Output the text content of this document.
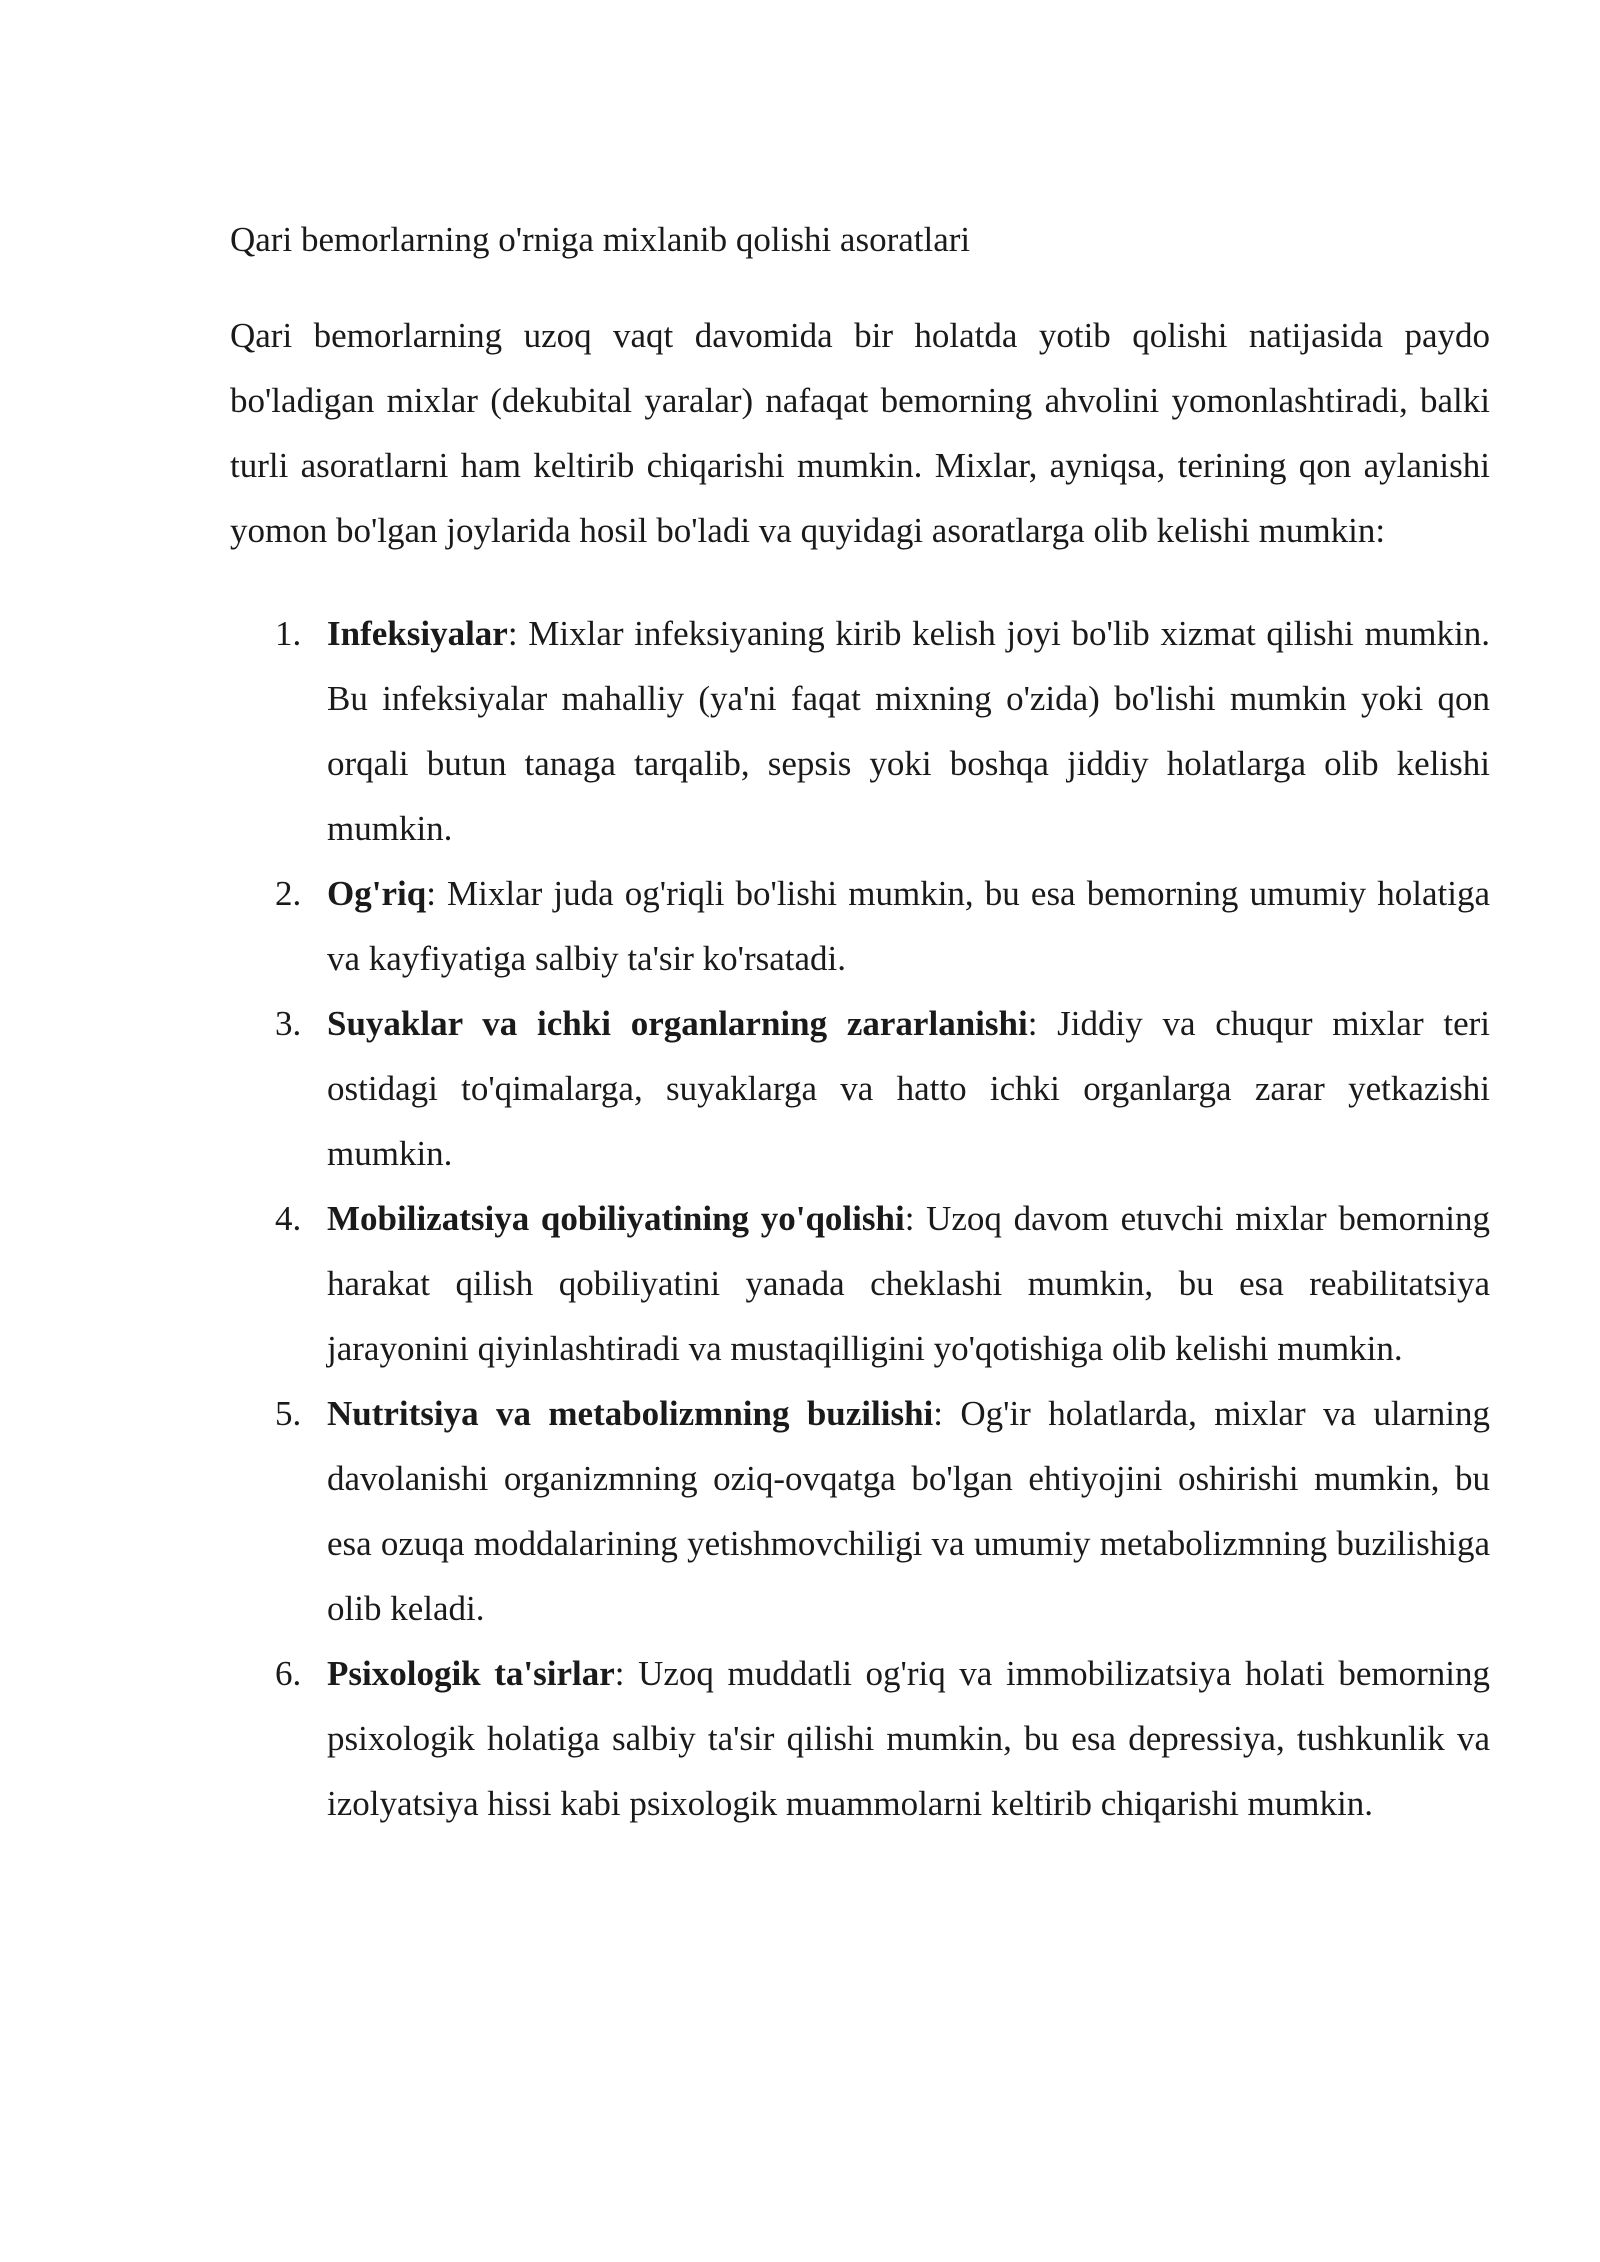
Qari bemorlarning o'rniga mixlanib qolishi asoratlari

Qari bemorlarning uzoq vaqt davomida bir holatda yotib qolishi natijasida paydo bo'ladigan mixlar (dekubital yaralar) nafaqat bemorning ahvolini yomonlashtiradi, balki turli asoratlarni ham keltirib chiqarishi mumkin. Mixlar, ayniqsa, terining qon aylanishi yomon bo'lgan joylarida hosil bo'ladi va quyidagi asoratlarga olib kelishi mumkin:

1. Infeksiyalar: Mixlar infeksiyaning kirib kelish joyi bo'lib xizmat qilishi mumkin. Bu infeksiyalar mahalliy (ya'ni faqat mixning o'zida) bo'lishi mumkin yoki qon orqali butun tanaga tarqalib, sepsis yoki boshqa jiddiy holatlarga olib kelishi mumkin.
2. Og'riq: Mixlar juda og'riqli bo'lishi mumkin, bu esa bemorning umumiy holatiga va kayfiyatiga salbiy ta'sir ko'rsatadi.
3. Suyaklar va ichki organlarning zararlanishi: Jiddiy va chuqur mixlar teri ostidagi to'qimalarga, suyaklarga va hatto ichki organlarga zarar yetkazishi mumkin.
4. Mobilizatsiya qobiliyatining yo'qolishi: Uzoq davom etuvchi mixlar bemorning harakat qilish qobiliyatini yanada cheklashi mumkin, bu esa reabilitatsiya jarayonini qiyinlashtiradi va mustaqilligini yo'qotishiga olib kelishi mumkin.
5. Nutritsiya va metabolizmning buzilishi: Og'ir holatlarda, mixlar va ularning davolanishi organizmning oziq-ovqatga bo'lgan ehtiyojini oshirishi mumkin, bu esa ozuqa moddalarining yetishmovchiligi va umumiy metabolizmning buzilishiga olib keladi.
6. Psixologik ta'sirlar: Uzoq muddatli og'riq va immobilizatsiya holati bemorning psixologik holatiga salbiy ta'sir qilishi mumkin, bu esa depressiya, tushkunlik va izolyatsiya hissi kabi psixologik muammolarni keltirib chiqarishi mumkin.
